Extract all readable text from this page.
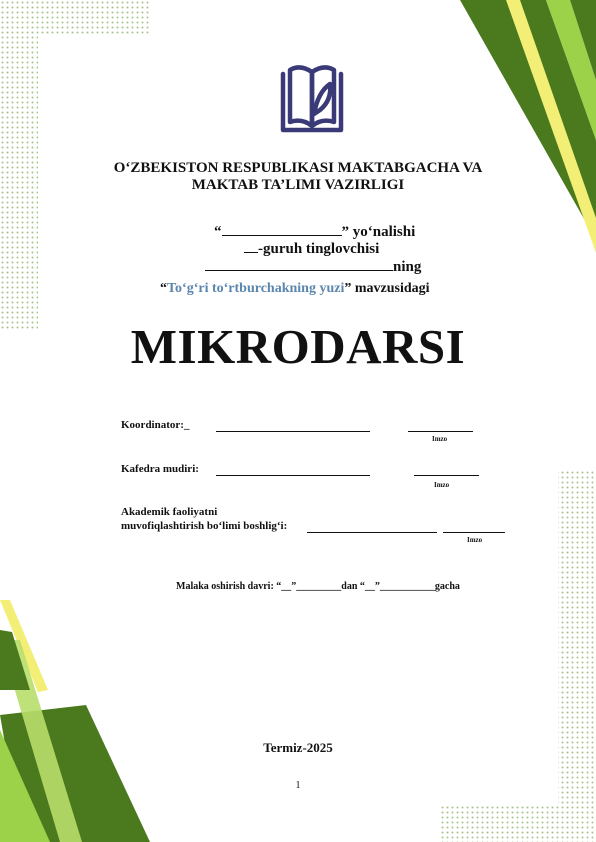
O‘ZBEKISTON RESPUBLIKASI MAKTABGACHA VA
MAKTAB TA’LIMI VAZIRLIGI
“	” yo‘nalishi
-guruh tinglovchisi
ning
“To‘g‘ri to‘rtburchakning yuzi” mavzusidagi
MIKRODARSI
Koordinator:_
Imzo
Kafedra mudiri:
Imzo
Akademik faoliyatni
muvofiqlashtirish bo‘limi boshlig‘i:
Imzo
Malaka oshirish davri: “__”_________dan “__”___________gacha
Termiz-2025
1
